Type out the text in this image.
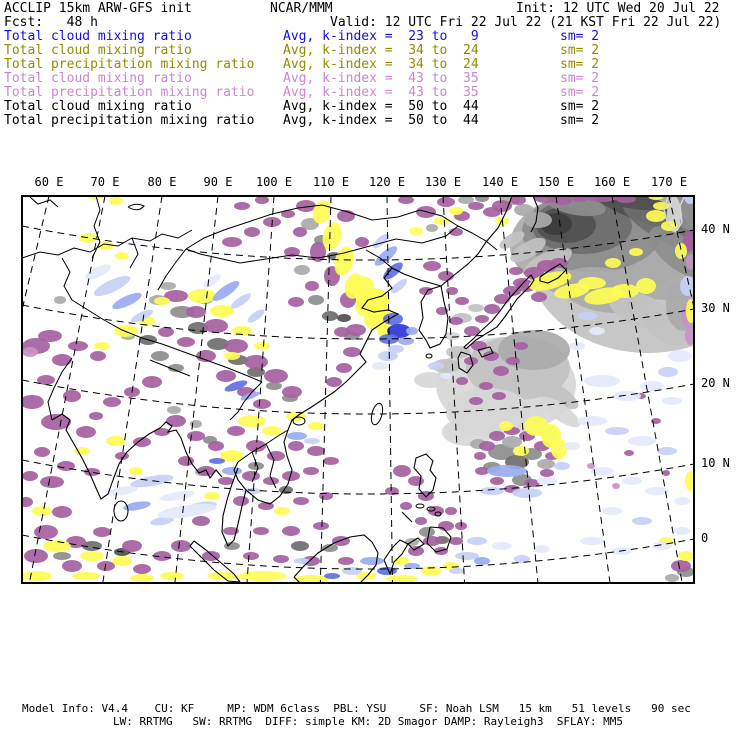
ACCLIP 15km ARW-GFS init	NCAR/MMM	Init: 12 UTC Wed 20 Jul 22
Fcst:   48 h	Valid: 12 UTC Fri 22 Jul 22 (21 KST Fri 22 Jul 22)
Total cloud mixing ratio	Avg, k-index =  23 to   9	sm= 2
Total cloud mixing ratio	Avg, k-index =  34 to  24	sm= 2
Total precipitation mixing ratio Avg, k-index =  34 to  24	sm= 2
Total cloud mixing ratio	Avg, k-index =  43 to  35	sm= 2
Total precipitation mixing ratio Avg, k-index =  43 to  35	sm= 2
Total cloud mixing ratio	Avg, k-index =  50 to  44	sm= 2
Total precipitation mixing ratio Avg, k-index =  50 to  44	sm= 2
60 E	70 E	80 E	90 E	100 E	110 E	120 E	130 E	140 E	150 E	160 E	170 E
40 N
30 N
20 N
10 N
0
Model Info: V4.4    CU: KF     MP: WDM 6class  PBL: YSU     SF: Noah LSM   15 km   51 levels   90 sec
LW: RRTMG   SW: RRTMG  DIFF: simple KM: 2D Smagor DAMP: Rayleigh3  SFLAY: MM5
